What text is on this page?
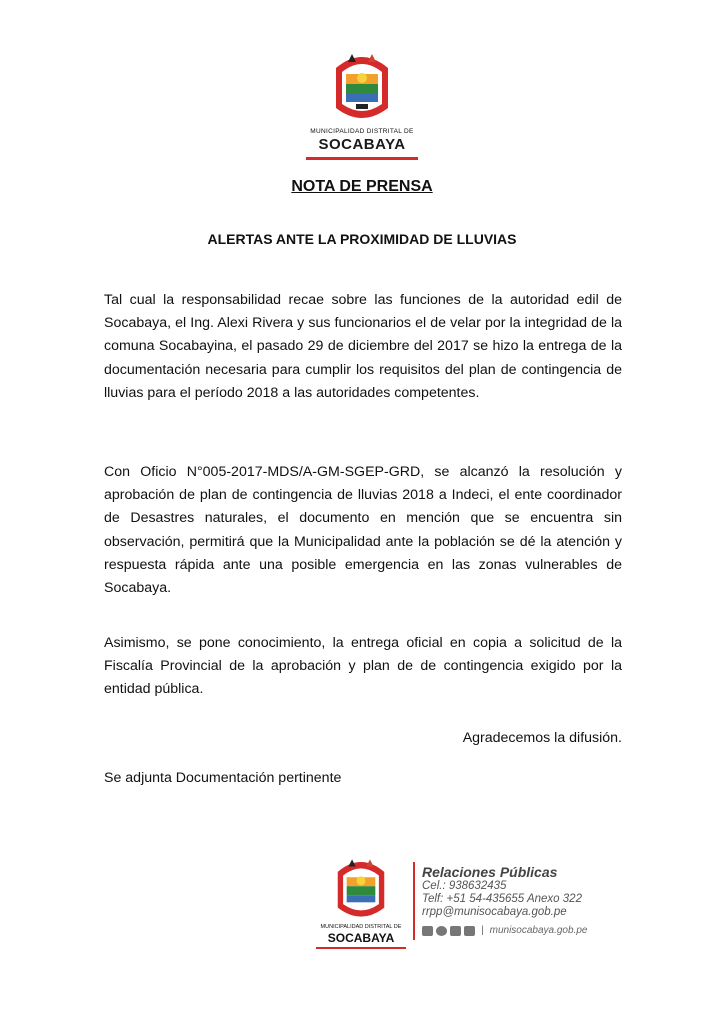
MUNICIPALIDAD DISTRITAL DE
SOCABAYA
NOTA DE PRENSA
ALERTAS ANTE LA PROXIMIDAD DE LLUVIAS
Tal cual la responsabilidad recae sobre las funciones de la autoridad edil de Socabaya, el Ing. Alexi Rivera y sus funcionarios el de velar por la integridad de la comuna Socabayina, el pasado 29 de diciembre del 2017 se hizo la entrega de la documentación necesaria para cumplir los requisitos del plan de contingencia de lluvias para el período 2018 a las autoridades competentes.
Con Oficio N°005-2017-MDS/A-GM-SGEP-GRD, se alcanzó la resolución y aprobación de plan de contingencia de lluvias 2018 a Indeci, el ente coordinador de Desastres naturales, el documento en mención que se encuentra sin observación, permitirá que la Municipalidad ante la población se dé la atención y respuesta rápida ante una posible emergencia en las zonas vulnerables de Socabaya.
Asimismo, se pone conocimiento, la entrega oficial en copia a solicitud de la Fiscalía Provincial de la aprobación y plan de de contingencia exigido por la entidad pública.
Agradecemos la difusión.
Se adjunta Documentación pertinente
MUNICIPALIDAD DISTRITAL DE
SOCABAYA
Relaciones Públicas
Cel.: 938632435
Telf: +51 54-435655 Anexo 322
rrpp@munisocabaya.gob.pe
| munisocabaya.gob.pe
